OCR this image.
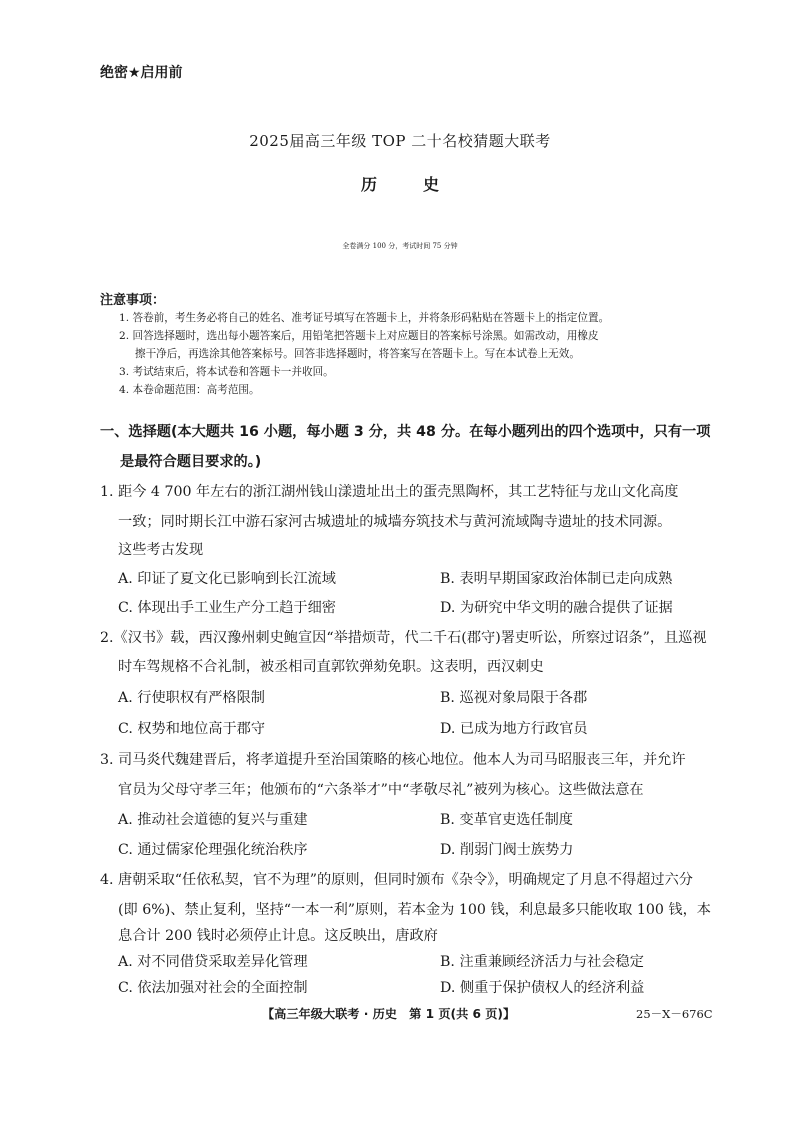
绝密★启用前
2025届高三年级 TOP 二十名校猜题大联考
历	史
全卷满分 100 分，考试时间 75 分钟
注意事项：
1. 答卷前，考生务必将自己的姓名、准考证号填写在答题卡上，并将条形码粘贴在答题卡上的指定位置。
2. 回答选择题时，选出每小题答案后，用铅笔把答题卡上对应题目的答案标号涂黑。如需改动，用橡皮
擦干净后，再选涂其他答案标号。回答非选择题时，将答案写在答题卡上。写在本试卷上无效。
3. 考试结束后，将本试卷和答题卡一并收回。
4. 本卷命题范围：高考范围。
一、选择题(本大题共 16 小题，每小题 3 分，共 48 分。在每小题列出的四个选项中，只有一项
是最符合题目要求的。)
1. 距今 4 700 年左右的浙江湖州钱山漾遗址出土的蛋壳黑陶杯，其工艺特征与龙山文化高度
一致；同时期长江中游石家河古城遗址的城墙夯筑技术与黄河流域陶寺遗址的技术同源。
这些考古发现
A. 印证了夏文化已影响到长江流域	B. 表明早期国家政治体制已走向成熟
C. 体现出手工业生产分工趋于细密	D. 为研究中华文明的融合提供了证据
2.《汉书》载，西汉豫州刺史鲍宣因“举措烦苛，代二千石(郡守)署吏听讼，所察过诏条”，且巡视
时车驾规格不合礼制，被丞相司直郭钦弹劾免职。这表明，西汉刺史
A. 行使职权有严格限制	B. 巡视对象局限于各郡
C. 权势和地位高于郡守	D. 已成为地方行政官员
3. 司马炎代魏建晋后，将孝道提升至治国策略的核心地位。他本人为司马昭服丧三年，并允许
官员为父母守孝三年；他颁布的“六条举才”中“孝敬尽礼”被列为核心。这些做法意在
A. 推动社会道德的复兴与重建	B. 变革官吏选任制度
C. 通过儒家伦理强化统治秩序	D. 削弱门阀士族势力
4. 唐朝采取“任依私契，官不为理”的原则，但同时颁布《杂令》，明确规定了月息不得超过六分
(即 6%)、禁止复利，坚持“一本一利”原则，若本金为 100 钱，利息最多只能收取 100 钱，本
息合计 200 钱时必须停止计息。这反映出，唐政府
A. 对不同借贷采取差异化管理	B. 注重兼顾经济活力与社会稳定
C. 依法加强对社会的全面控制	D. 侧重于保护债权人的经济利益
【高三年级大联考 · 历史　第 1 页(共 6 页)】	25－X－676C
